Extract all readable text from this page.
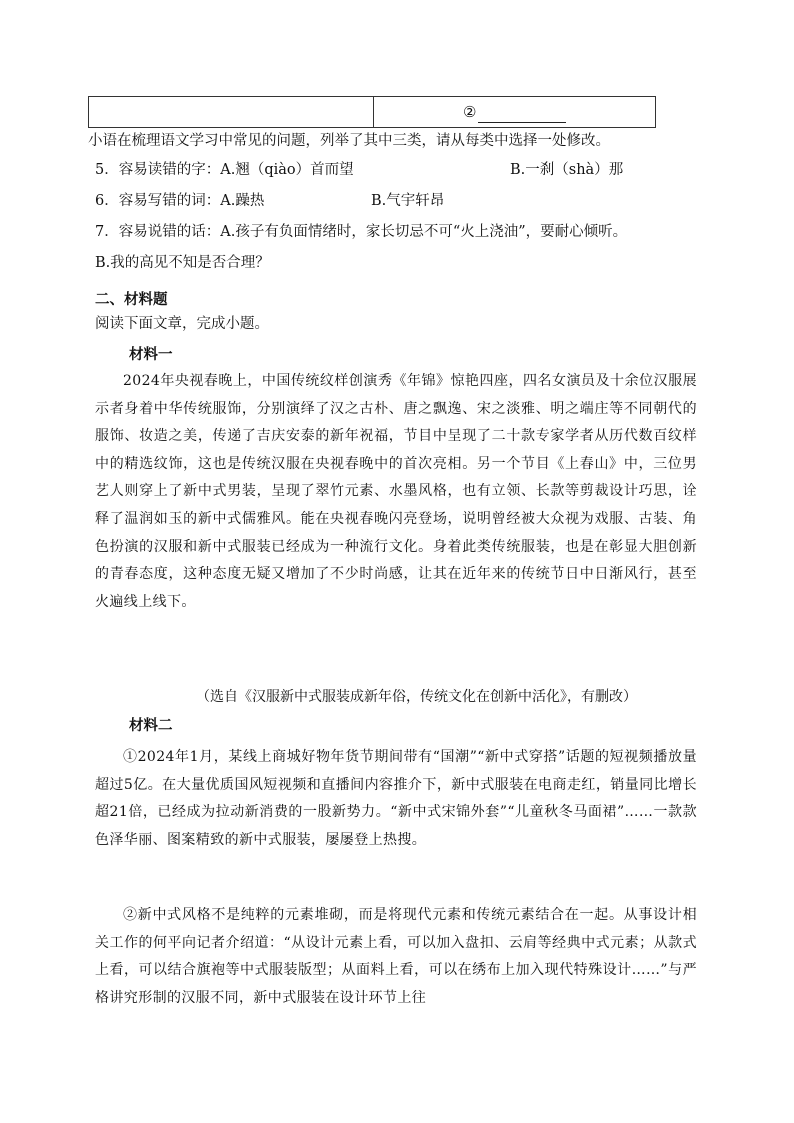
②
小语在梳理语文学习中常见的问题，列举了其中三类，请从每类中选择一处修改。
5．容易读错的字：A.翘（qiào）首而望	B.一刹（shà）那
6．容易写错的词：A.躁热	B.气宇轩昂
7．容易说错的话：A.孩子有负面情绪时，家长切忌不可“火上浇油”，要耐心倾听。
B.我的高见不知是否合理？
二、材料题
阅读下面文章，完成小题。
材料一

2024年央视春晚上，中国传统纹样创演秀《年锦》惊艳四座，四名女演员及十余位汉服展示者身着中华传统服饰，分别演绎了汉之古朴、唐之飘逸、宋之淡雅、明之端庄等不同朝代的服饰、妆造之美，传递了吉庆安泰的新年祝福，节目中呈现了二十款专家学者从历代数百纹样中的精选纹饰，这也是传统汉服在央视春晚中的首次亮相。另一个节目《上春山》中，三位男艺人则穿上了新中式男装，呈现了翠竹元素、水墨风格，也有立领、长款等剪裁设计巧思，诠释了温润如玉的新中式儒雅风。能在央视春晚闪亮登场，说明曾经被大众视为戏服、古装、角色扮演的汉服和新中式服装已经成为一种流行文化。身着此类传统服装，也是在彰显大胆创新的青春态度，这种态度无疑又增加了不少时尚感，让其在近年来的传统节日中日渐风行，甚至火遍线上线下。

（选自《汉服新中式服装成新年俗，传统文化在创新中活化》，有删改）
材料二

①2024年1月，某线上商城好物年货节期间带有“国潮”“新中式穿搭”话题的短视频播放量超过5亿。在大量优质国风短视频和直播间内容推介下，新中式服装在电商走红，销量同比增长超21倍，已经成为拉动新消费的一股新势力。“新中式宋锦外套”“儿童秋冬马面裙”……一款款色泽华丽、图案精致的新中式服装，屡屡登上热搜。

②新中式风格不是纯粹的元素堆砌，而是将现代元素和传统元素结合在一起。从事设计相关工作的何平向记者介绍道：“从设计元素上看，可以加入盘扣、云肩等经典中式元素；从款式上看，可以结合旗袍等中式服装版型；从面料上看，可以在绣布上加入现代特殊设计……”与严格讲究形制的汉服不同，新中式服装在设计环节上往
